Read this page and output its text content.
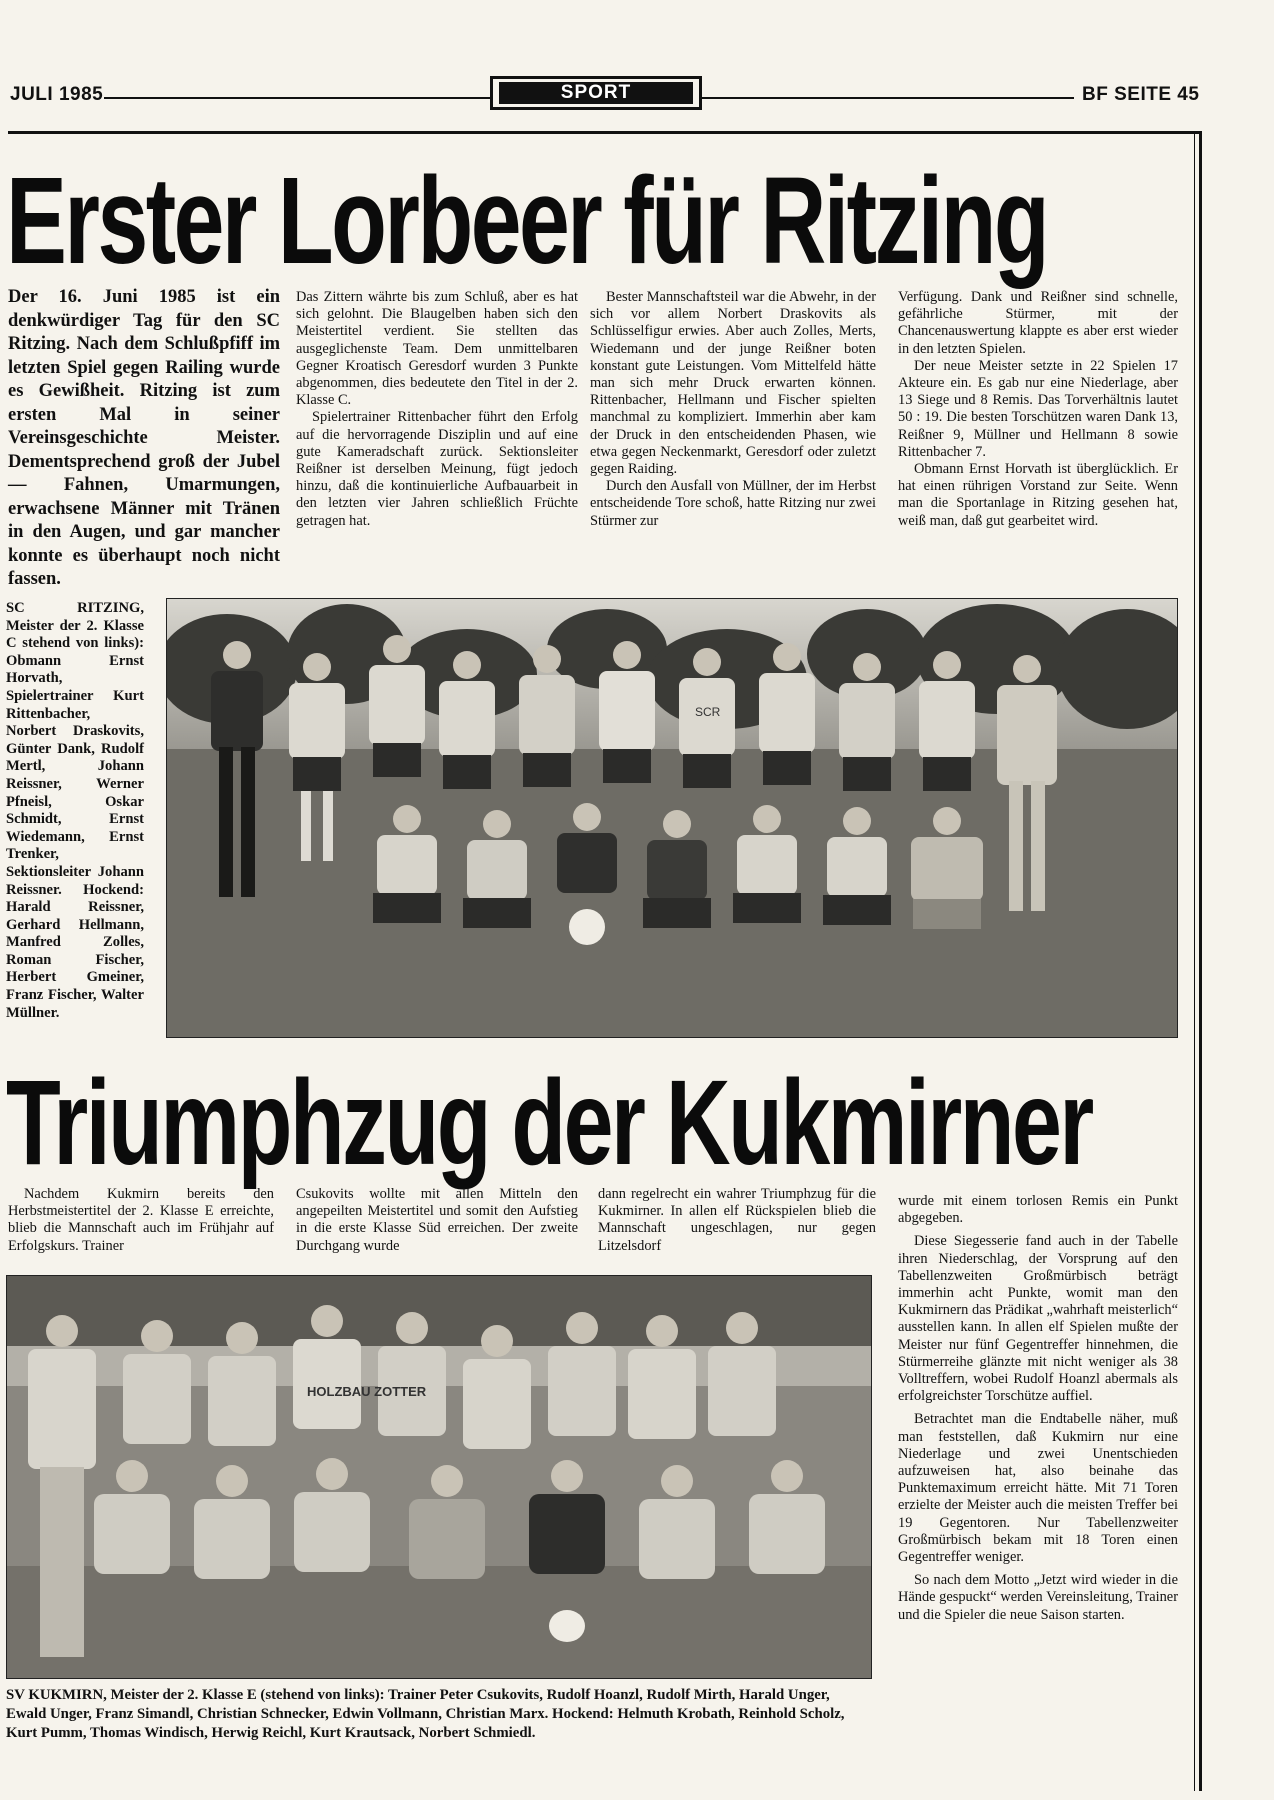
JULI 1985	SPORT	BF SEITE 45
Erster Lorbeer für Ritzing
Der 16. Juni 1985 ist ein denkwürdiger Tag für den SC Ritzing. Nach dem Schlußpfiff im letzten Spiel gegen Railing wurde es Gewißheit. Ritzing ist zum ersten Mal in seiner Vereinsgeschichte Meister. Dementsprechend groß der Jubel — Fahnen, Umarmungen, erwachsene Männer mit Tränen in den Augen, und gar mancher konnte es überhaupt noch nicht fassen.

Das Zittern währte bis zum Schluß, aber es hat sich gelohnt. Die Blaugelben haben sich den Meistertitel verdient. Sie stellten das ausgeglichenste Team. Dem unmittelbaren Gegner Kroatisch Geresdorf wurden 3 Punkte abgenommen, dies bedeutete den Titel in der 2. Klasse C.

Spielertrainer Rittenbacher führt den Erfolg auf die hervorragende Disziplin und auf eine gute Kameradschaft zurück. Sektionsleiter Reißner ist derselben Meinung, fügt jedoch hinzu, daß die kontinuierliche Aufbauarbeit in den letzten vier Jahren schließlich Früchte getragen hat.

Bester Mannschaftsteil war die Abwehr, in der sich vor allem Norbert Draskovits als Schlüsselfigur erwies. Aber auch Zolles, Merts, Wiedemann und der junge Reißner boten konstant gute Leistungen. Vom Mittelfeld hätte man sich mehr Druck erwarten können. Rittenbacher, Hellmann und Fischer spielten manchmal zu kompliziert. Immerhin aber kam der Druck in den entscheidenden Phasen, wie etwa gegen Neckenmarkt, Geresdorf oder zuletzt gegen Raiding.

Durch den Ausfall von Müllner, der im Herbst entscheidende Tore schoß, hatte Ritzing nur zwei Stürmer zur

Verfügung. Dank und Reißner sind schnelle, gefährliche Stürmer, mit der Chancenauswertung klappte es aber erst wieder in den letzten Spielen.

Der neue Meister setzte in 22 Spielen 17 Akteure ein. Es gab nur eine Niederlage, aber 13 Siege und 8 Remis. Das Torverhältnis lautet 50 : 19. Die besten Torschützen waren Dank 13, Reißner 9, Müllner und Hellmann 8 sowie Rittenbacher 7.

Obmann Ernst Horvath ist überglücklich. Er hat einen rührigen Vorstand zur Seite. Wenn man die Sportanlage in Ritzing gesehen hat, weiß man, daß gut gearbeitet wird.

SC RITZING, Meister der 2. Klasse C stehend von links): Obmann Ernst Horvath, Spielertrainer Kurt Rittenbacher, Norbert Draskovits, Günter Dank, Rudolf Mertl, Johann Reissner, Werner Pfneisl, Oskar Schmidt, Ernst Wiedemann, Ernst Trenker, Sektionsleiter Johann Reissner. Hockend: Harald Reissner, Gerhard Hellmann, Manfred Zolles, Roman Fischer, Herbert Gmeiner, Franz Fischer, Walter Müllner.
SCR
Triumphzug der Kukmirner

Nachdem Kukmirn bereits den Herbstmeistertitel der 2. Klasse E erreichte, blieb die Mannschaft auch im Frühjahr auf Erfolgskurs. Trainer

Csukovits wollte mit allen Mitteln den angepeilten Meistertitel und somit den Aufstieg in die erste Klasse Süd erreichen. Der zweite Durchgang wurde

dann regelrecht ein wahrer Triumphzug für die Kukmirner. In allen elf Rückspielen blieb die Mannschaft ungeschlagen, nur gegen Litzelsdorf

wurde mit einem torlosen Remis ein Punkt abgegeben.

Diese Siegesserie fand auch in der Tabelle ihren Niederschlag, der Vorsprung auf den Tabellenzweiten Großmürbisch beträgt immerhin acht Punkte, womit man den Kukmirnern das Prädikat „wahrhaft meisterlich“ ausstellen kann. In allen elf Spielen mußte der Meister nur fünf Gegentreffer hinnehmen, die Stürmerreihe glänzte mit nicht weniger als 38 Volltreffern, wobei Rudolf Hoanzl abermals als erfolgreichster Torschütze auffiel.

Betrachtet man die Endtabelle näher, muß man feststellen, daß Kukmirn nur eine Niederlage und zwei Unentschieden aufzuweisen hat, also beinahe das Punktemaximum erreicht hätte. Mit 71 Toren erzielte der Meister auch die meisten Treffer bei 19 Gegentoren. Nur Tabellenzweiter Großmürbisch bekam mit 18 Toren einen Gegentreffer weniger.

So nach dem Motto „Jetzt wird wieder in die Hände gespuckt“ werden Vereinsleitung, Trainer und die Spieler die neue Saison starten.

HOLZBAU ZOTTER
SV KUKMIRN, Meister der 2. Klasse E (stehend von links): Trainer Peter Csukovits, Rudolf Hoanzl, Rudolf Mirth, Harald Unger, Ewald Unger, Franz Simandl, Christian Schnecker, Edwin Vollmann, Christian Marx. Hockend: Helmuth Krobath, Reinhold Scholz, Kurt Pumm, Thomas Windisch, Herwig Reichl, Kurt Krautsack, Norbert Schmiedl.
